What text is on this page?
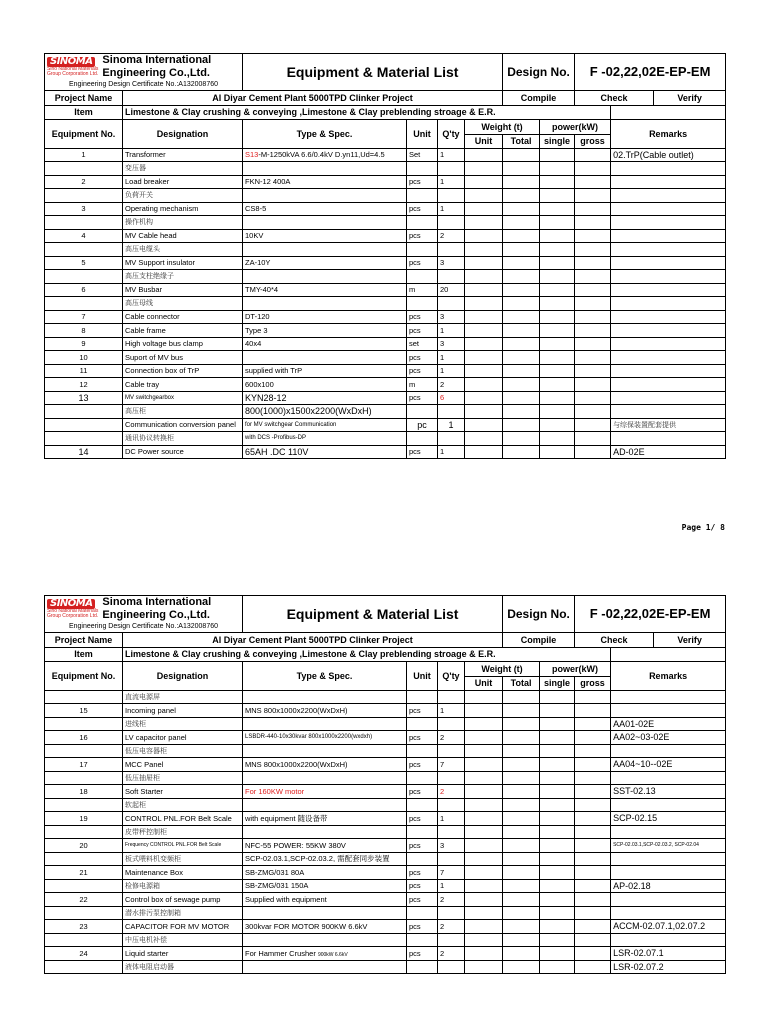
SINOMA
Sino National Materials
Group Corporation Ltd.
Sinoma International
Engineering Co.,Ltd.		Equipment & Material List				Design No.		F -02,22,02E-EP-EM		
Engineering Design Certificate No.:A132008760										
Project Name	Al Diyar Cement Plant 5000TPD Clinker Project					Compile		Check		Verify
Item	Limestone & Clay crushing & conveying ,Limestone & Clay preblending stroage & E.R.									
Equipment No.	Designation	Type & Spec.	Unit	Q'ty	Weight (t)		power(kW)		Remarks	
					Unit	Total	single	gross		
1	Transformer	S13-M-1250kVA 6.6/0.4kV D.yn11,Ud=4.5	Set	1					02.TrP(Cable outlet)	
	变压器									
2	Load breaker	FKN-12 400A	pcs	1						
	负荷开关									
3	Operating mechanism	CS8-5	pcs	1						
	操作机构									
4	MV Cable head	10KV	pcs	2						
	高压电缆头									
5	MV Support insulator	ZA-10Y	pcs	3						
	高压支柱绝缘子									
6	MV Busbar	TMY-40*4	m	20						
	高压母线									
7	Cable connector	DT-120	pcs	3						
8	Cable frame	Type 3	pcs	1						
9	High voltage bus clamp	40x4	set	3						
10	Suport of MV bus		pcs	1						
11	Connection box of TrP	supplied with TrP	pcs	1						
12	Cable tray	600x100	m	2						
13	MV switchgearbox	KYN28-12	pcs	6						
	高压柜	800(1000)x1500x2200(WxDxH)								
	Communication conversion panel	for MV switchgear Communication	pc	1					与综保装置配套提供	
	通讯协议转换柜	with DCS -Profibus-DP								
14	DC Power source	65AH .DC 110V	pcs	1					AD-02E	
Page 1/ 8
SINOMA
Sino National Materials
Group Corporation Ltd.
Sinoma International
Engineering Co.,Ltd.		Equipment & Material List				Design No.		F -02,22,02E-EP-EM		
Engineering Design Certificate No.:A132008760										
Project Name	Al Diyar Cement Plant 5000TPD Clinker Project					Compile		Check		Verify
Item	Limestone & Clay crushing & conveying ,Limestone & Clay preblending stroage & E.R.									
Equipment No.	Designation	Type & Spec.	Unit	Q'ty	Weight (t)		power(kW)		Remarks	
					Unit	Total	single	gross		
	直流电源屏									
15	Incoming panel	MNS 800x1000x2200(WxDxH)	pcs	1						
	进线柜								AA01-02E	
16	LV capacitor panel	LSBDR-440-10x30kvar 800x1000x2200(wxdxh)	pcs	2					AA02~03-02E	
	低压电容器柜									
17	MCC Panel	MNS 800x1000x2200(WxDxH)	pcs	7					AA04~10--02E	
	低压抽屉柜									
18	Soft Starter	For 160KW motor	pcs	2					SST-02.13	
	软起柜									
19	CONTROL PNL.FOR Belt Scale	with equipment 随设备带	pcs	1					SCP-02.15	
	皮带秤控制柜									
20	Frequency CONTROL PNL.FOR Belt Scale	NFC-55 POWER: 55KW 380V	pcs	3					SCP-02.03.1,SCP-02.03.2, SCP-02.04	
	板式喂料机变频柜	SCP-02.03.1,SCP-02.03.2, 需配套同步装置								
21	Maintenance Box	SB-ZMG/031 80A	pcs	7						
	检修电源箱	SB-ZMG/031 150A	pcs	1					AP-02.18	
22	Control box of sewage pump	Supplied with equipment	pcs	2						
	潜水排污泵控制箱									
23	CAPACITOR FOR MV MOTOR	300kvar FOR MOTOR 900KW 6.6kV	pcs	2					ACCM-02.07.1,02.07.2	
	中压电机补偿									
24	Liquid starter	For Hammer Crusher 900kW 6.6kV	pcs	2					LSR-02.07.1	
	液体电阻启动器								LSR-02.07.2	
